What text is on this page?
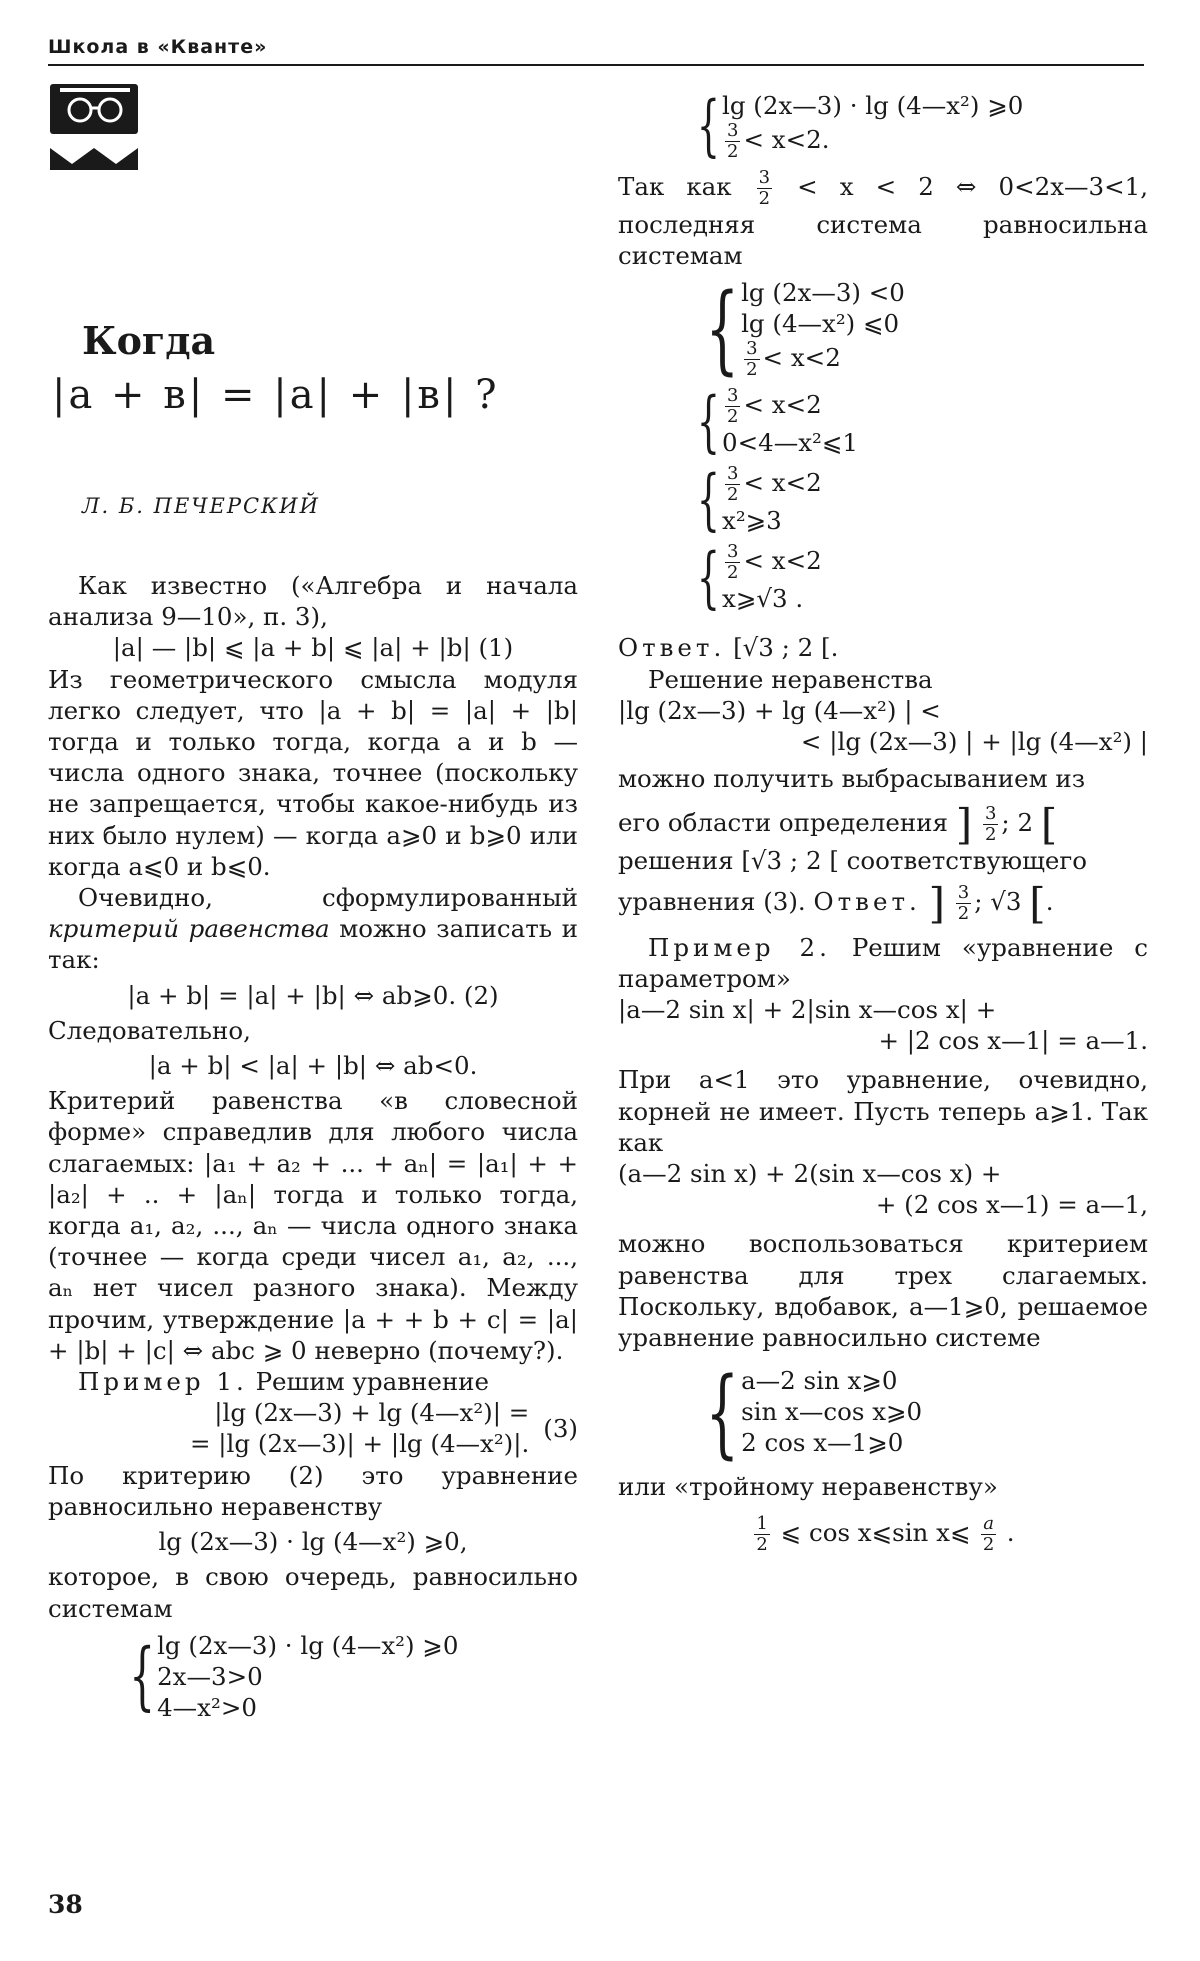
Школа в «Кванте»
Когда
|a + в| = |a| + |в| ?
Л. Б. ПЕЧЕРСКИЙ

Как известно («Алгебра и начала анализа 9—10», п. 3),

|a| — |b| ⩽ |a + b| ⩽ |a| + |b| (1)

Из геометрического смысла модуля легко следует, что |a + b| = |a| + |b| тогда и только тогда, когда a и b — числа одного знака, точнее (поскольку не запрещается, чтобы какое-нибудь из них было нулем) — когда a⩾0 и b⩾0 или когда a⩽0 и b⩽0.

Очевидно, сформулированный критерий равенства можно записать и так:

|a + b| = |a| + |b| ⇔ ab⩾0. (2)

Следовательно,

|a + b| < |a| + |b| ⇔ ab<0.

Критерий равенства «в словесной форме» справедлив для любого числа слагаемых: |a₁ + a₂ + ... + aₙ| = |a₁| + + |a₂| + .. + |aₙ| тогда и только тогда, когда a₁, a₂, ..., aₙ — числа одного знака (точнее — когда среди чисел a₁, a₂, ..., aₙ нет чисел разного знака). Между прочим, утверждение |a + + b + c| = |a| + |b| + |c| ⇔ abc ⩾ 0 неверно (почему?).

Пример 1. Решим уравнение

|lg (2x—3) + lg (4—x²)| =
= |lg (2x—3)| + |lg (4—x²)|.
(3)

По критерию (2) это уравнение равносильно неравенству

lg (2x—3) · lg (4—x²) ⩾0,

которое, в свою очередь, равносильно системам

{ lg (2x—3) · lg (4—x²) ⩾0
2x—3>0
4—x²>0
{ lg (2x—3) · lg (4—x²) ⩾0
$\frac{3}{2} < x<2$.

Так как $\frac{3}{2} < x < 2$ ⇔ 0<2x—3<1, последняя система равносильна системам

{ lg (2x—3) <0
lg (4—x²) ⩽0
$\frac{3}{2} < x<2$
{ $\frac{3}{2} < x<2$
0<4—x²⩽1
{ $\frac{3}{2} < x<2$
x²⩾3
{ $\frac{3}{2} < x<2$
x⩾√3 .

Ответ. [√3 ; 2 [.

Решение неравенства

|lg (2x—3) + lg (4—x²) | <

< |lg (2x—3) | + |lg (4—x²) |

можно получить выбрасыванием из

его области определения ] $\frac{3}{2}$ ; 2 [

решения [√3 ; 2 [ соответствующего

уравнения (3). Ответ. ] $\frac{3}{2}$ ; √3 [.

Пример 2. Решим «уравнение с параметром»

|a—2 sin x| + 2|sin x—cos x| +

+ |2 cos x—1| = a—1.

При a<1 это уравнение, очевидно, корней не имеет. Пусть теперь a⩾1. Так как

(a—2 sin x) + 2(sin x—cos x) +

+ (2 cos x—1) = a—1,

можно воспользоваться критерием равенства для трех слагаемых. Поскольку, вдобавок, a—1⩾0, решаемое уравнение равносильно системе

{ a—2 sin x⩾0
sin x—cos x⩾0
2 cos x—1⩾0

или «тройному неравенству»

$\frac{1}{2}$ ⩽ cos x⩽sin x⩽ $\frac{a}{2}$ .

38
